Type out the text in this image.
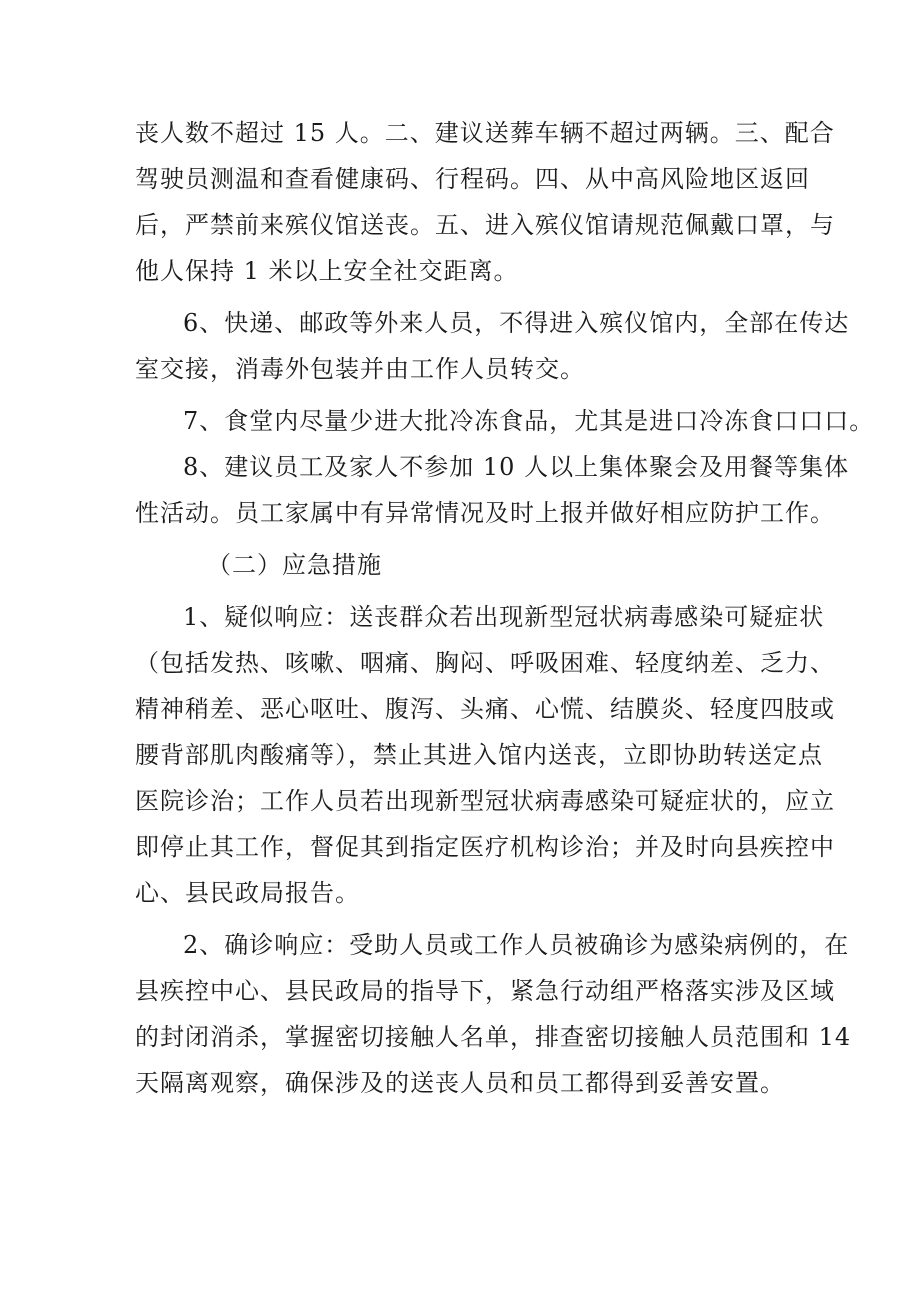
丧人数不超过 15 人。二、建议送葬车辆不超过两辆。三、配合
驾驶员测温和查看健康码、行程码。四、从中高风险地区返回
后，严禁前来殡仪馆送丧。五、进入殡仪馆请规范佩戴口罩，与
他人保持 1 米以上安全社交距离。

6、快递、邮政等外来人员，不得进入殡仪馆内，全部在传达
室交接，消毒外包装并由工作人员转交。

7、食堂内尽量少进大批冷冻食品，尤其是进口冷冻食口口口。

8、建议员工及家人不参加 10 人以上集体聚会及用餐等集体
性活动。员工家属中有异常情况及时上报并做好相应防护工作。

（二）应急措施

1、疑似响应：送丧群众若出现新型冠状病毒感染可疑症状
（包括发热、咳嗽、咽痛、胸闷、呼吸困难、轻度纳差、乏力、
精神稍差、恶心呕吐、腹泻、头痛、心慌、结膜炎、轻度四肢或
腰背部肌肉酸痛等），禁止其进入馆内送丧，立即协助转送定点
医院诊治；工作人员若出现新型冠状病毒感染可疑症状的，应立
即停止其工作，督促其到指定医疗机构诊治；并及时向县疾控中
心、县民政局报告。

2、确诊响应：受助人员或工作人员被确诊为感染病例的，在
县疾控中心、县民政局的指导下，紧急行动组严格落实涉及区域
的封闭消杀，掌握密切接触人名单，排查密切接触人员范围和 14
天隔离观察，确保涉及的送丧人员和员工都得到妥善安置。
